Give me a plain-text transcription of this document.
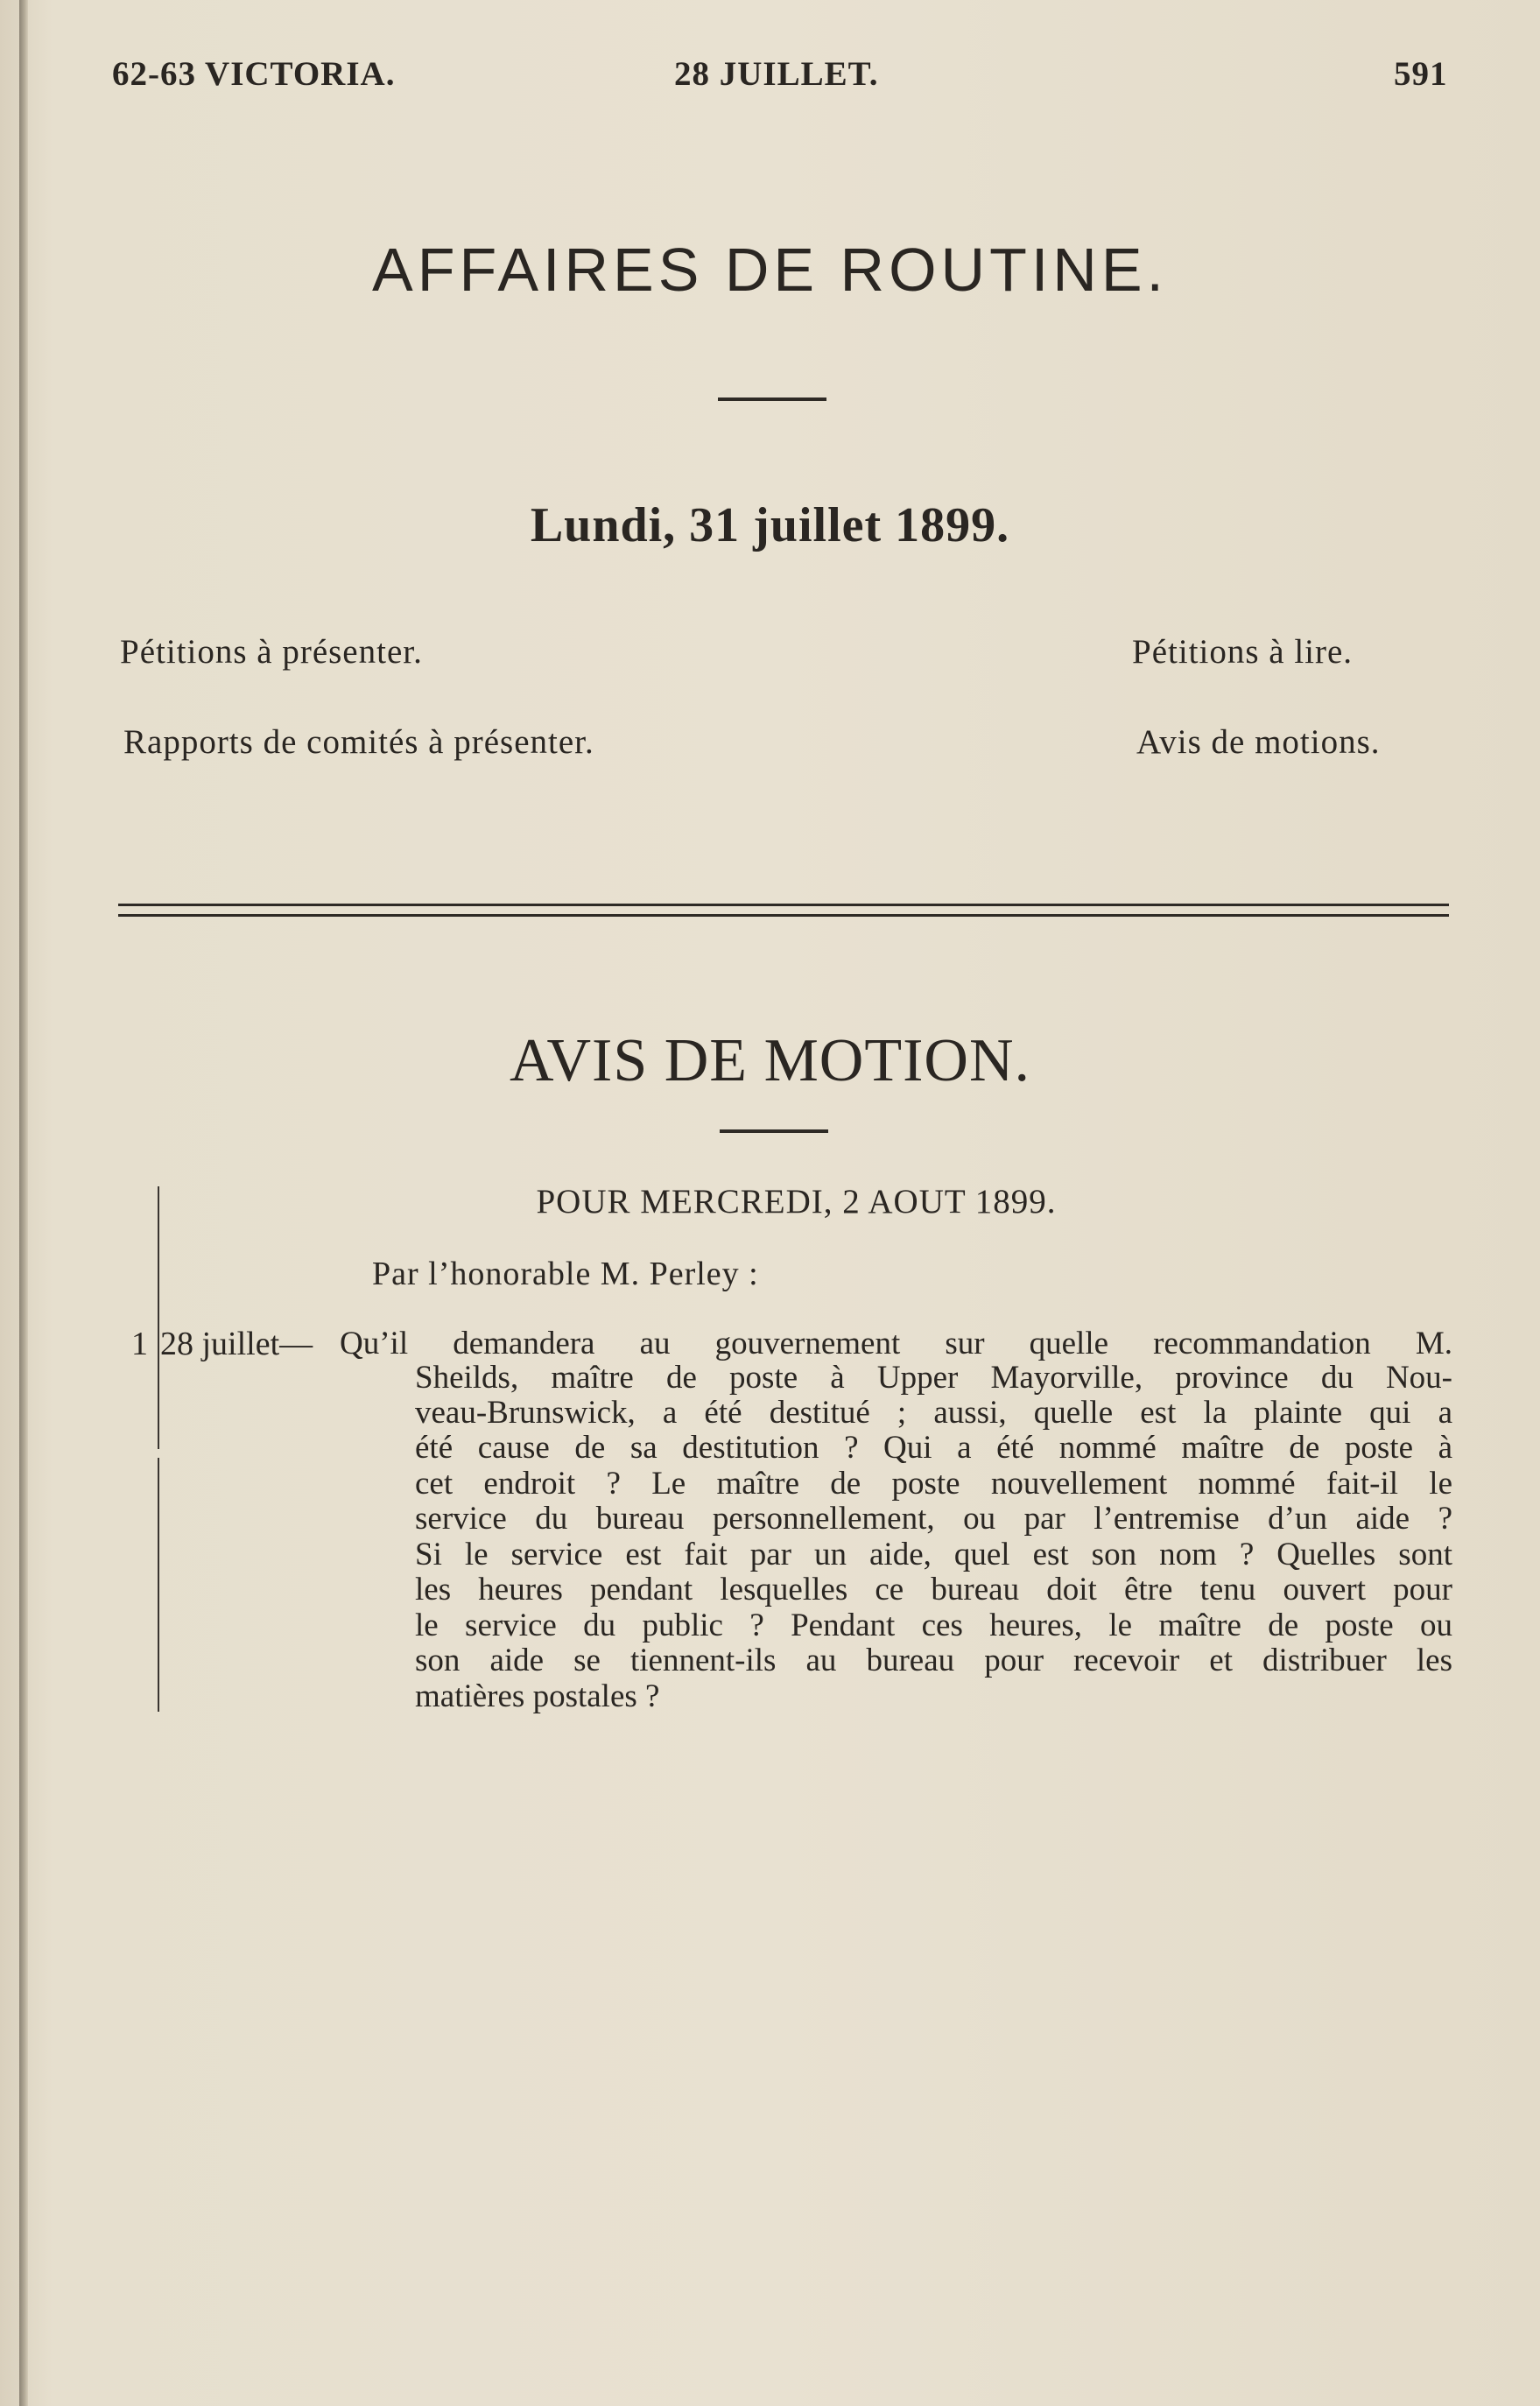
62-63 VICTORIA.	28 JUILLET.	591
AFFAIRES DE ROUTINE.
Lundi, 31 juillet 1899.
Pétitions à présenter.	Pétitions à lire.
Rapports de comités à présenter.	Avis de motions.
AVIS DE MOTION.
POUR MERCREDI, 2 AOUT 1899.
Par l’honorable M. Perley :
1 28 juillet— Qu’il demandera au gouvernement sur quelle recommandation M.
Sheilds, maître de poste à Upper Mayorville, province du Nou-
veau-Brunswick, a été destitué ; aussi, quelle est la plainte qui a
été cause de sa destitution ? Qui a été nommé maître de poste à
cet endroit ? Le maître de poste nouvellement nommé fait-il le
service du bureau personnellement, ou par l’entremise d’un aide ?
Si le service est fait par un aide, quel est son nom ? Quelles sont
les heures pendant lesquelles ce bureau doit être tenu ouvert pour
le service du public ? Pendant ces heures, le maître de poste ou
son aide se tiennent-ils au bureau pour recevoir et distribuer les
matières postales ?
